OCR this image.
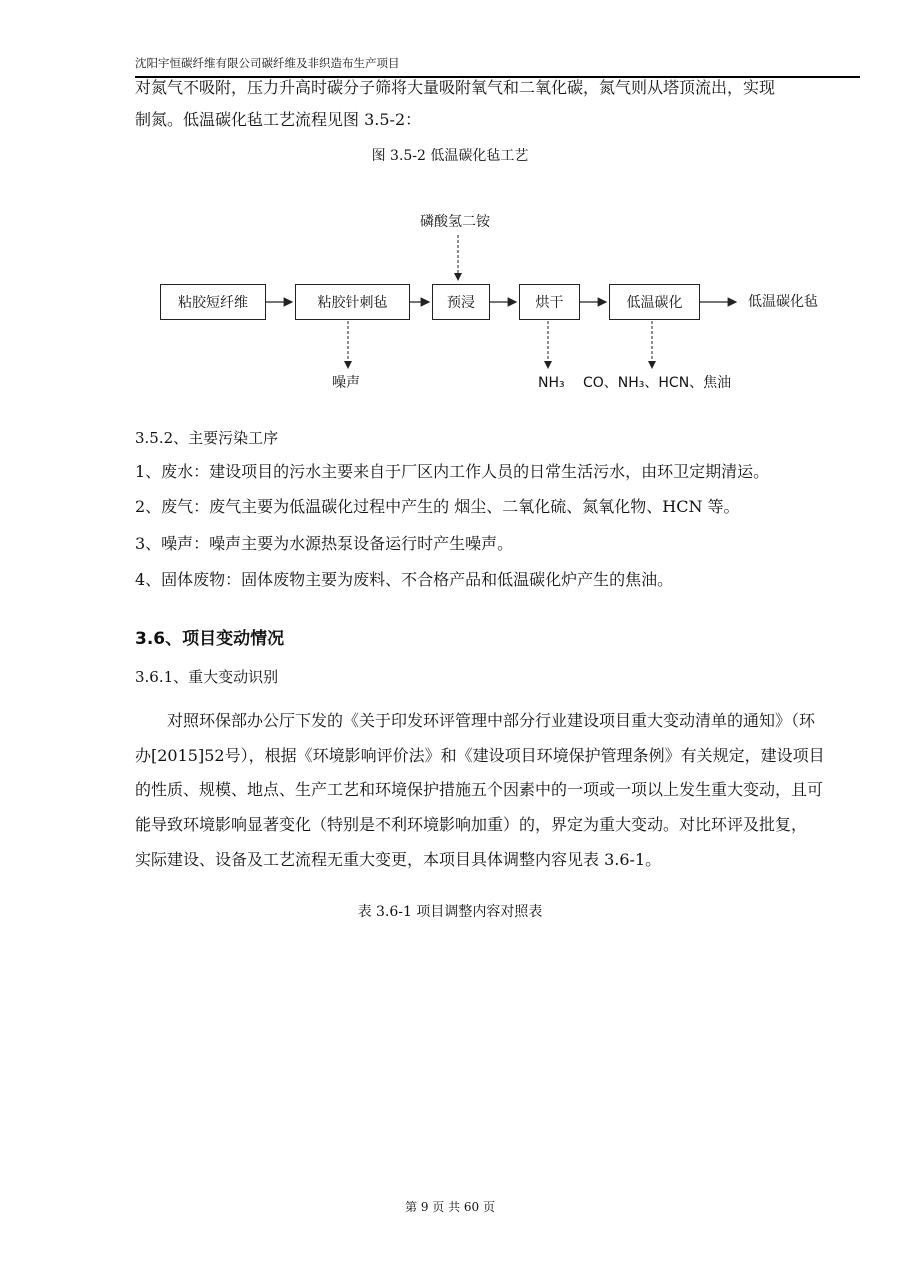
沈阳宇恒碳纤维有限公司碳纤维及非织造布生产项目
对氮气不吸附，压力升高时碳分子筛将大量吸附氧气和二氧化碳，氮气则从塔顶流出，实现
制氮。低温碳化毡工艺流程见图 3.5-2：
图 3.5-2 低温碳化毡工艺
磷酸氢二铵
粘胶短纤维	粘胶针刺毡	预浸	烘干	低温碳化	低温碳化毡
噪声	NH₃ CO、NH₃、HCN、焦油
3.5.2、主要污染工序
1、废水：建设项目的污水主要来自于厂区内工作人员的日常生活污水，由环卫定期清运。
2、废气：废气主要为低温碳化过程中产生的 烟尘、二氧化硫、氮氧化物、HCN 等。
3、噪声：噪声主要为水源热泵设备运行时产生噪声。
4、固体废物：固体废物主要为废料、不合格产品和低温碳化炉产生的焦油。
3.6、项目变动情况
3.6.1、重大变动识别
　　对照环保部办公厅下发的《关于印发环评管理中部分行业建设项目重大变动清单的通知》（环
办[2015]52号），根据《环境影响评价法》和《建设项目环境保护管理条例》有关规定，建设项目
的性质、规模、地点、生产工艺和环境保护措施五个因素中的一项或一项以上发生重大变动，且可
能导致环境影响显著变化（特别是不利环境影响加重）的，界定为重大变动。对比环评及批复，
实际建设、设备及工艺流程无重大变更，本项目具体调整内容见表 3.6-1。
表 3.6-1 项目调整内容对照表
第 9 页 共 60 页
